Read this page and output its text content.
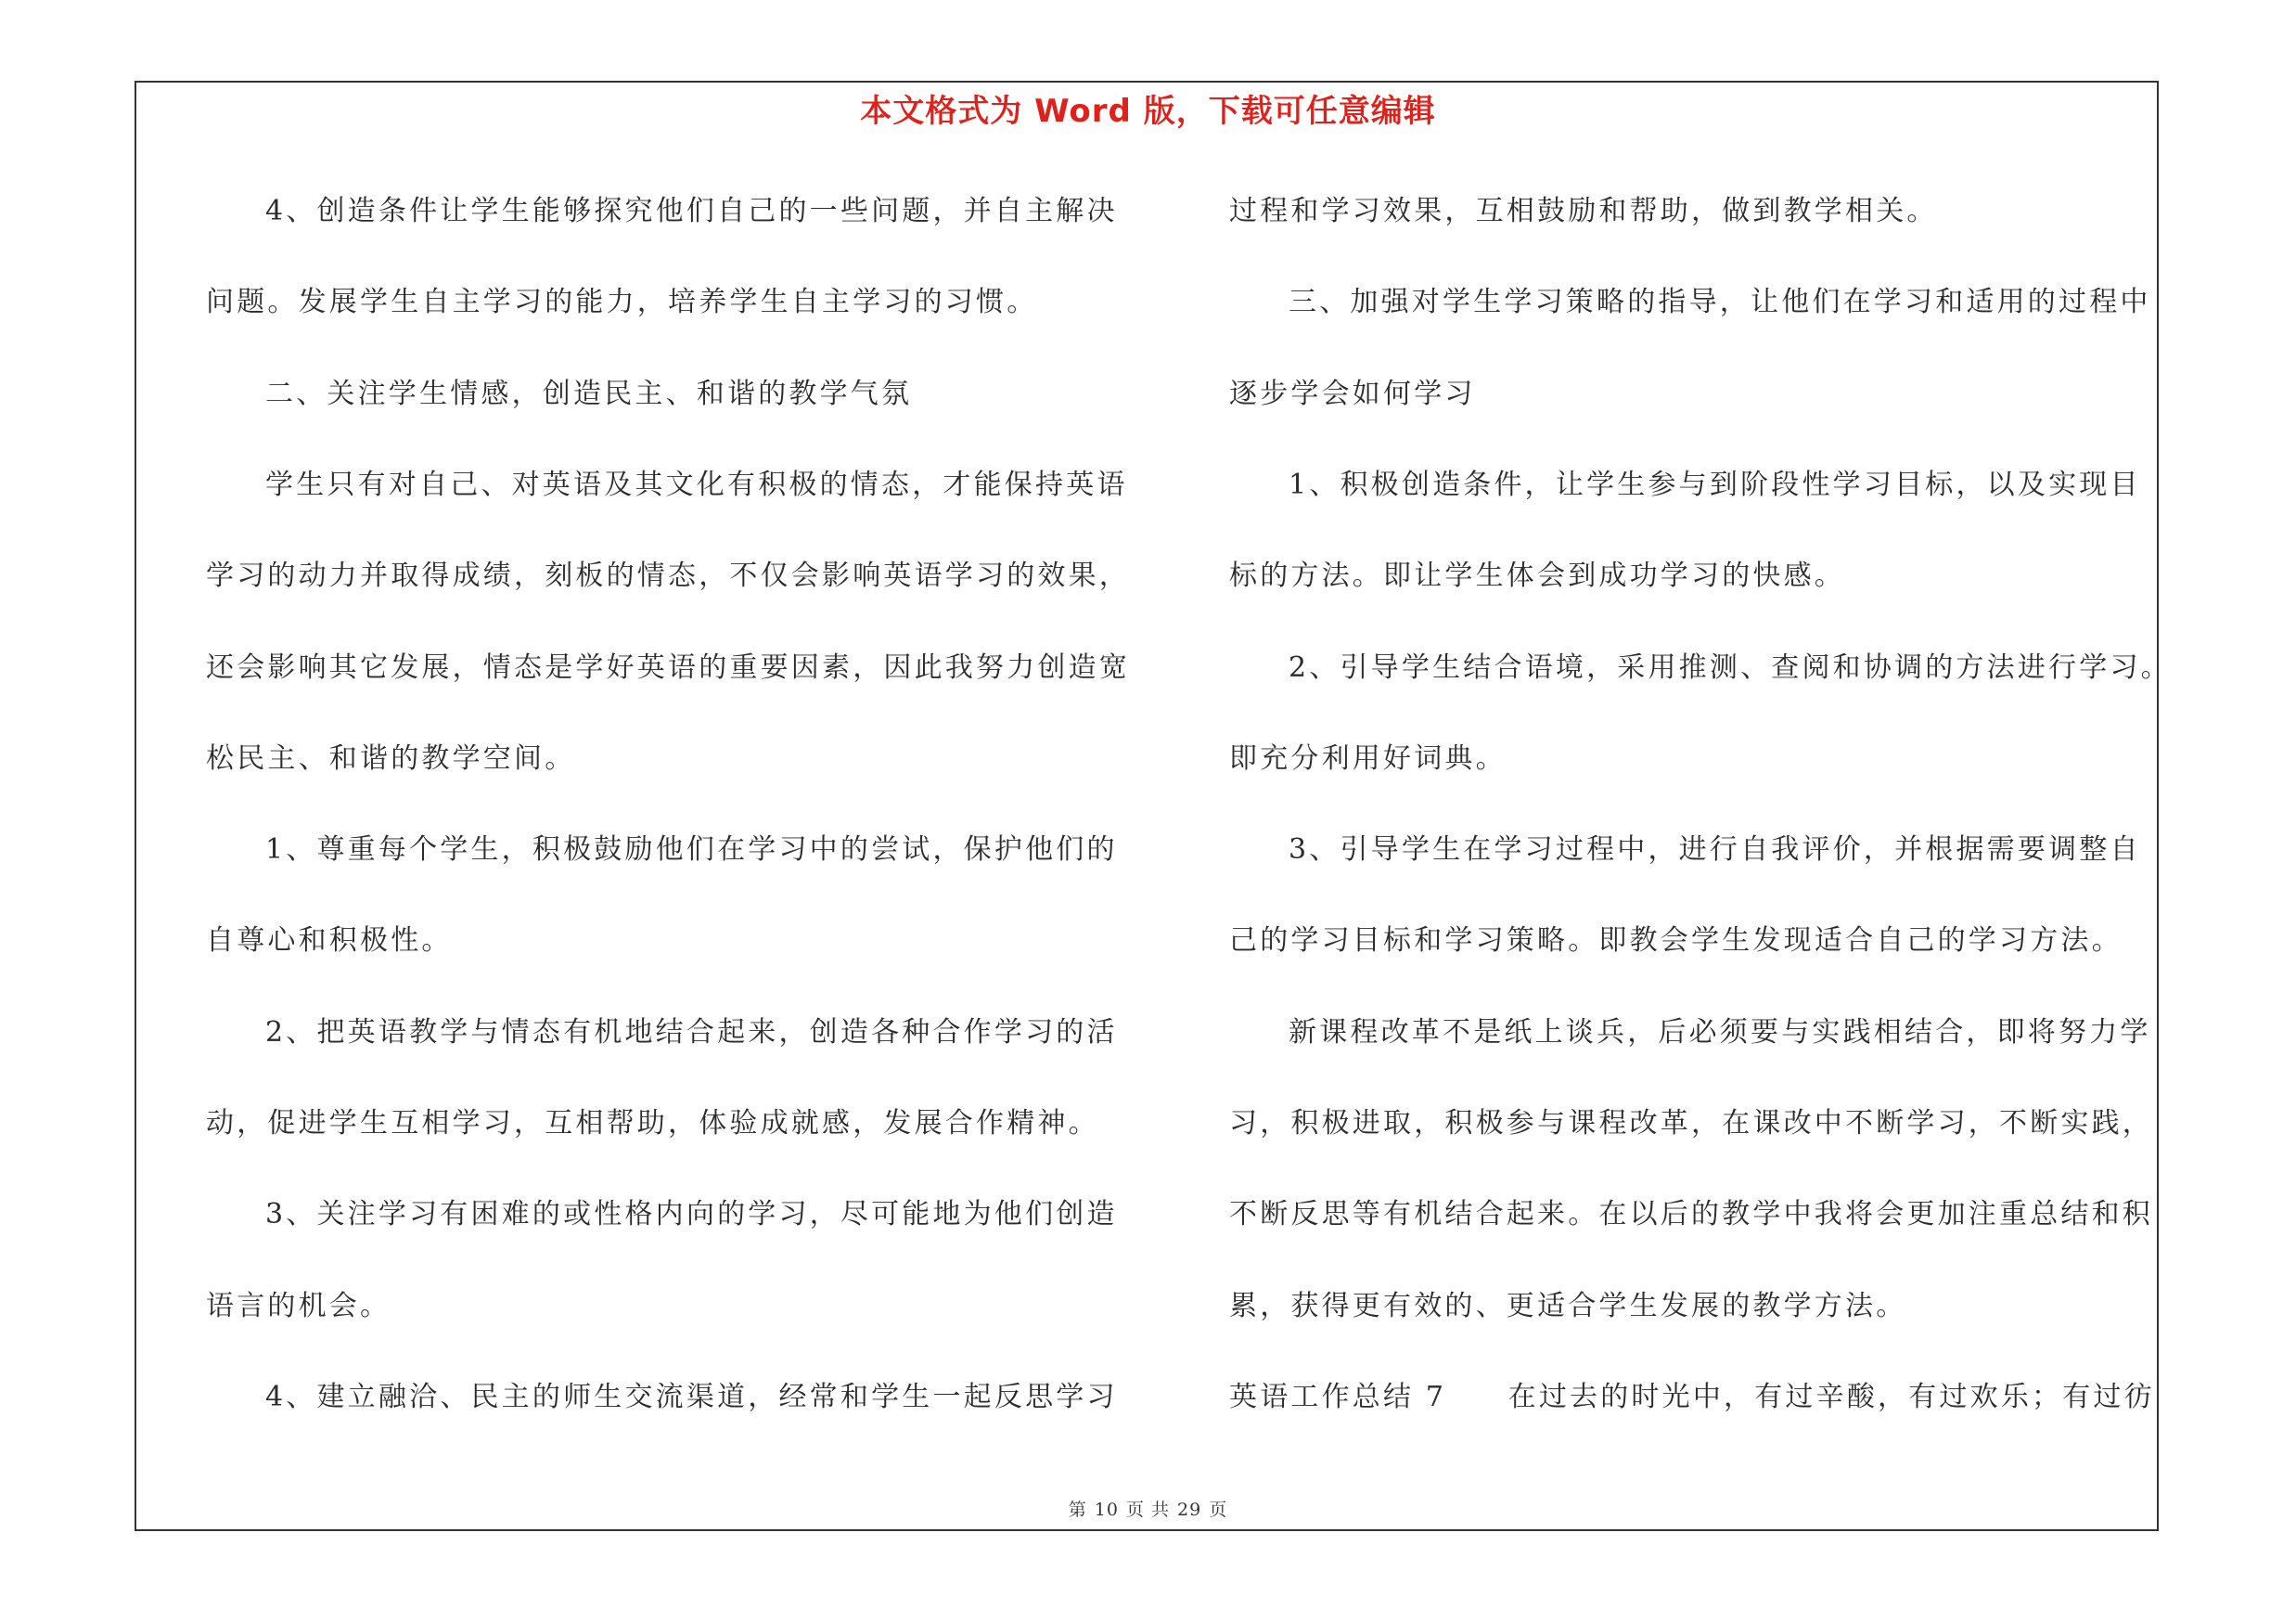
本文格式为 Word 版，下载可任意编辑
4、创造条件让学生能够探究他们自己的一些问题，并自主解决
问题。发展学生自主学习的能力，培养学生自主学习的习惯。
二、关注学生情感，创造民主、和谐的教学气氛
学生只有对自己、对英语及其文化有积极的情态，才能保持英语
学习的动力并取得成绩，刻板的情态，不仅会影响英语学习的效果，
还会影响其它发展，情态是学好英语的重要因素，因此我努力创造宽
松民主、和谐的教学空间。
1、尊重每个学生，积极鼓励他们在学习中的尝试，保护他们的
自尊心和积极性。
2、把英语教学与情态有机地结合起来，创造各种合作学习的活
动，促进学生互相学习，互相帮助，体验成就感，发展合作精神。
3、关注学习有困难的或性格内向的学习，尽可能地为他们创造
语言的机会。
4、建立融洽、民主的师生交流渠道，经常和学生一起反思学习
过程和学习效果，互相鼓励和帮助，做到教学相关。
三、加强对学生学习策略的指导，让他们在学习和适用的过程中
逐步学会如何学习
1、积极创造条件，让学生参与到阶段性学习目标，以及实现目
标的方法。即让学生体会到成功学习的快感。
2、引导学生结合语境，采用推测、查阅和协调的方法进行学习。
即充分利用好词典。
3、引导学生在学习过程中，进行自我评价，并根据需要调整自
己的学习目标和学习策略。即教会学生发现适合自己的学习方法。
新课程改革不是纸上谈兵，后必须要与实践相结合，即将努力学
习，积极进取，积极参与课程改革，在课改中不断学习，不断实践，
不断反思等有机结合起来。在以后的教学中我将会更加注重总结和积
累，获得更有效的、更适合学生发展的教学方法。
英语工作总结 7　　在过去的时光中，有过辛酸，有过欢乐；有过彷
第 10 页 共 29 页
